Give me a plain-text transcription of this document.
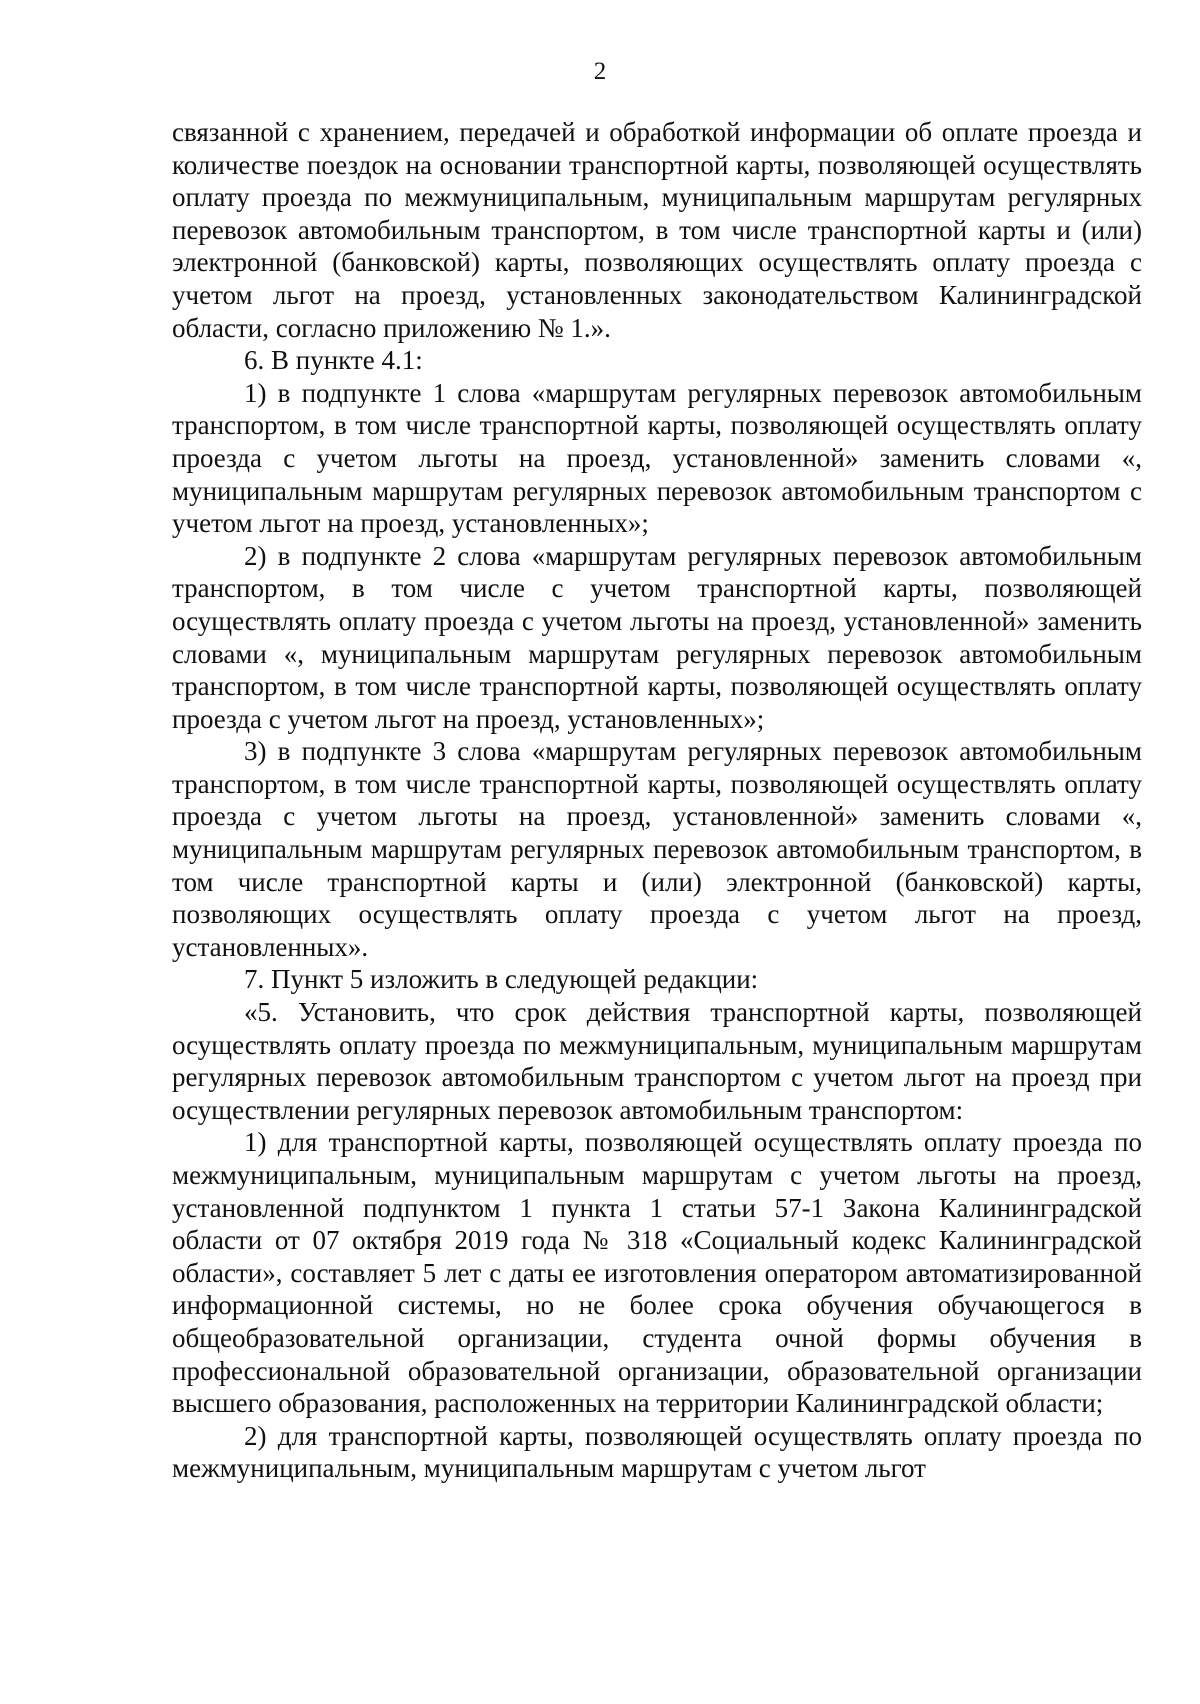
2

связанной с хранением, передачей и обработкой информации об оплате проезда и количестве поездок на основании транспортной карты, позволяющей осуществлять оплату проезда по межмуниципальным, муниципальным маршрутам регулярных перевозок автомобильным транспортом, в том числе транспортной карты и (или) электронной (банковской) карты, позволяющих осуществлять оплату проезда с учетом льгот на проезд, установленных законодательством Калининградской области, согласно приложению № 1.».

6. В пункте 4.1:

1) в подпункте 1 слова «маршрутам регулярных перевозок автомобильным транспортом, в том числе транспортной карты, позволяющей осуществлять оплату проезда с учетом льготы на проезд, установленной» заменить словами «, муниципальным маршрутам регулярных перевозок автомобильным транспортом с учетом льгот на проезд, установленных»;

2) в подпункте 2 слова «маршрутам регулярных перевозок автомобильным транспортом, в том числе с учетом транспортной карты, позволяющей осуществлять оплату проезда с учетом льготы на проезд, установленной» заменить словами «, муниципальным маршрутам регулярных перевозок автомобильным транспортом, в том числе транспортной карты, позволяющей осуществлять оплату проезда с учетом льгот на проезд, установленных»;

3) в подпункте 3 слова «маршрутам регулярных перевозок автомобильным транспортом, в том числе транспортной карты, позволяющей осуществлять оплату проезда с учетом льготы на проезд, установленной» заменить словами «, муниципальным маршрутам регулярных перевозок автомобильным транспортом, в том числе транспортной карты и (или) электронной (банковской) карты, позволяющих осуществлять оплату проезда с учетом льгот на проезд, установленных».

7. Пункт 5 изложить в следующей редакции:

«5. Установить, что срок действия транспортной карты, позволяющей осуществлять оплату проезда по межмуниципальным, муниципальным маршрутам регулярных перевозок автомобильным транспортом с учетом льгот на проезд при осуществлении регулярных перевозок автомобильным транспортом:

1) для транспортной карты, позволяющей осуществлять оплату проезда по межмуниципальным, муниципальным маршрутам с учетом льготы на проезд, установленной подпунктом 1 пункта 1 статьи 57-1 Закона Калининградской области от 07 октября 2019 года № 318 «Социальный кодекс Калининградской области», составляет 5 лет с даты ее изготовления оператором автоматизированной информационной системы, но не более срока обучения обучающегося в общеобразовательной организации, студента очной формы обучения в профессиональной образовательной организации, образовательной организации высшего образования, расположенных на территории Калининградской области;

2) для транспортной карты, позволяющей осуществлять оплату проезда по межмуниципальным, муниципальным маршрутам с учетом льгот
